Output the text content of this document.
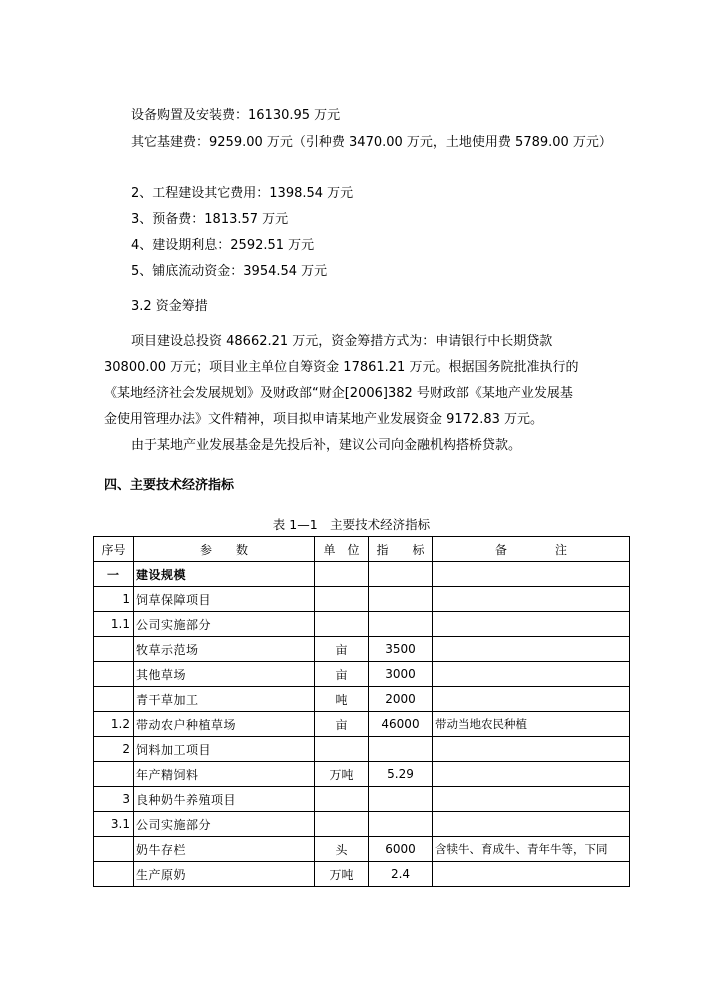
设备购置及安装费：16130.95 万元
其它基建费：9259.00 万元（引种费 3470.00 万元，土地使用费 5789.00 万元）
2、工程建设其它费用：1398.54 万元
3、预备费：1813.57 万元
4、建设期利息：2592.51 万元
5、铺底流动资金：3954.54 万元
3.2 资金筹措
项目建设总投资 48662.21 万元，资金筹措方式为：申请银行中长期贷款
30800.00 万元；项目业主单位自筹资金 17861.21 万元。根据国务院批准执行的
《某地经济社会发展规划》及财政部“财企[2006]382 号财政部《某地产业发展基
金使用管理办法》文件精神，项目拟申请某地产业发展资金 9172.83 万元。
由于某地产业发展基金是先投后补，建议公司向金融机构搭桥贷款。
四、主要技术经济指标
表 1—1　主要技术经济指标
序号	参　　数	单　位	指　　标	备　　　　注
一	建设规模			
1	饲草保障项目			
1.1	公司实施部分			
	牧草示范场	亩	3500	
	其他草场	亩	3000	
	青干草加工	吨	2000	
1.2	带动农户种植草场	亩	46000	带动当地农民种植
2	饲料加工项目			
	年产精饲料	万吨	5.29	
3	良种奶牛养殖项目			
3.1	公司实施部分			
	奶牛存栏	头	6000	含犊牛、育成牛、青年牛等，下同
	生产原奶	万吨	2.4	
